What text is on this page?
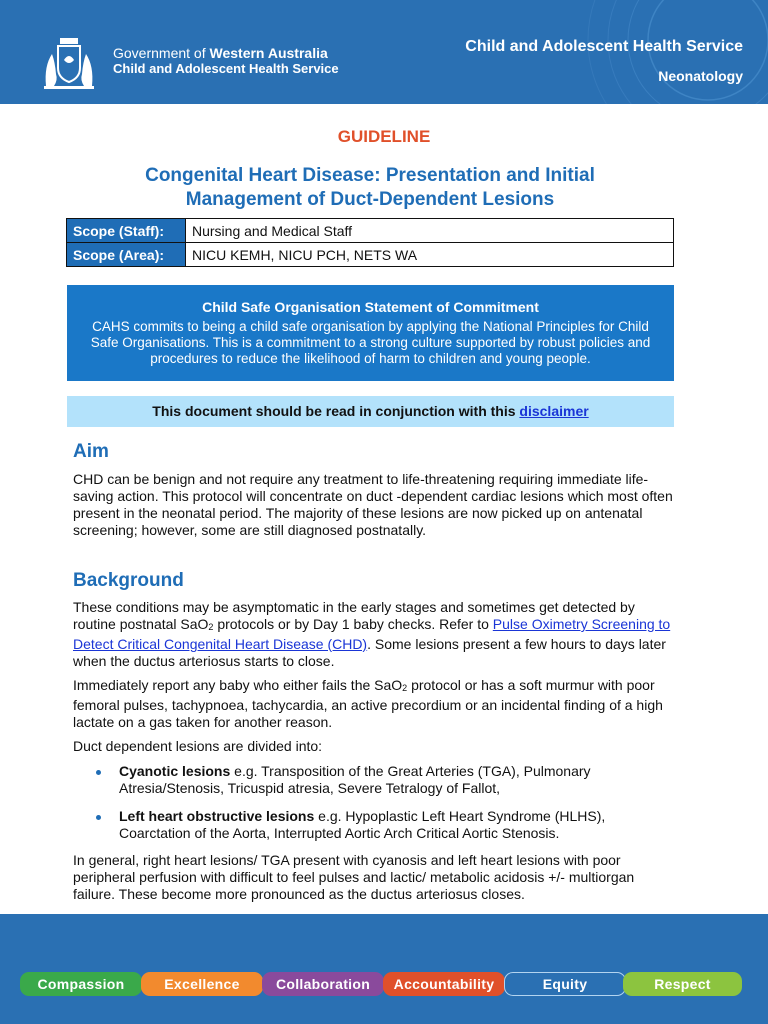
Government of Western Australia
Child and Adolescent Health Service
Child and Adolescent Health Service
Neonatology
GUIDELINE
Congenital Heart Disease: Presentation and Initial
Management of Duct-Dependent Lesions
Scope (Staff):	Nursing and Medical Staff
Scope (Area):	NICU KEMH, NICU PCH, NETS WA
Child Safe Organisation Statement of Commitment

CAHS commits to being a child safe organisation by applying the National Principles for Child Safe Organisations. This is a commitment to a strong culture supported by robust policies and procedures to reduce the likelihood of harm to children and young people.

This document should be read in conjunction with this disclaimer
Aim

CHD can be benign and not require any treatment to life-threatening requiring immediate life-saving action. This protocol will concentrate on duct -dependent cardiac lesions which most often present in the neonatal period. The majority of these lesions are now picked up on antenatal screening; however, some are still diagnosed postnatally.

Background

These conditions may be asymptomatic in the early stages and sometimes get detected by routine postnatal SaO$_2$ protocols or by Day 1 baby checks. Refer to Pulse Oximetry Screening to Detect Critical Congenital Heart Disease (CHD). Some lesions present a few hours to days later when the ductus arteriosus starts to close.

Immediately report any baby who either fails the SaO$_2$ protocol or has a soft murmur with poor femoral pulses, tachypnoea, tachycardia, an active precordium or an incidental finding of a high lactate on a gas taken for another reason.

Duct dependent lesions are divided into:

Cyanotic lesions e.g. Transposition of the Great Arteries (TGA), Pulmonary Atresia/Stenosis, Tricuspid atresia, Severe Tetralogy of Fallot,
Left heart obstructive lesions e.g. Hypoplastic Left Heart Syndrome (HLHS), Coarctation of the Aorta, Interrupted Aortic Arch Critical Aortic Stenosis.

In general, right heart lesions/ TGA present with cyanosis and left heart lesions with poor peripheral perfusion with difficult to feel pulses and lactic/ metabolic acidosis +/- multiorgan failure. These become more pronounced as the ductus arteriosus closes.

Compassion	Excellence	Collaboration	Accountability	Equity	Respect
